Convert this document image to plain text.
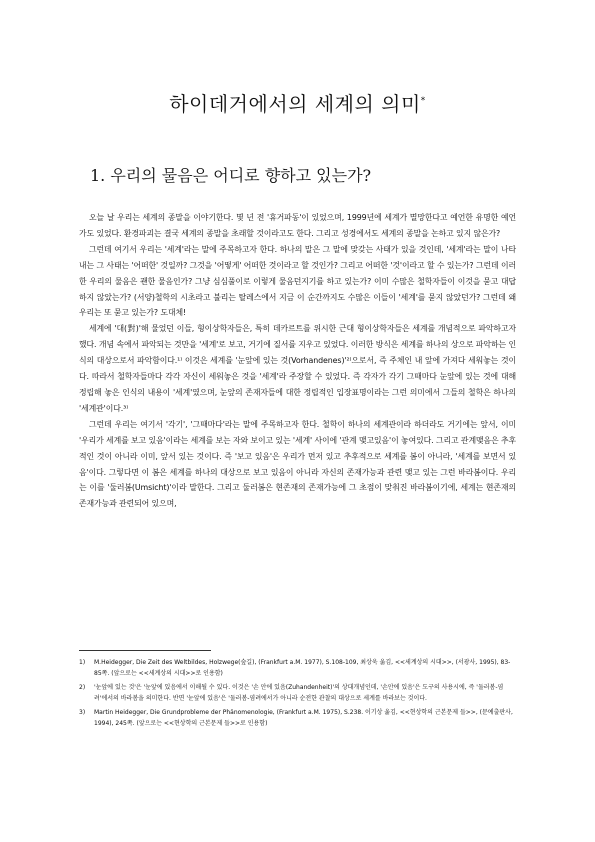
하이데거에서의 세계의 의미*
1. 우리의 물음은 어디로 향하고 있는가?

오늘 날 우리는 세계의 종말을 이야기한다. 몇 년 전 '휴거파동'이 있었으며, 1999년에 세계가 멸망한다고 예언한 유명한 예언가도 있었다. 환경파괴는 결국 세계의 종말을 초래할 것이라고도 한다. 그리고 성경에서도 세계의 종말을 논하고 있지 않은가?

그런데 여기서 우리는 '세계'라는 말에 주목하고자 한다. 하나의 말은 그 말에 맞갖는 사태가 있을 것인데, '세계'라는 말이 나타내는 그 사태는 '어떠한' 것일까? 그것을 '어떻게' 어떠한 것이라고 할 것인가? 그리고 어떠한 '것'이라고 할 수 있는가? 그런데 이러한 우리의 물음은 괜한 물음인가? 그냥 심심풀이로 이렇게 물음던지기를 하고 있는가? 이미 수많은 철학자들이 이것을 묻고 대답하지 않았는가? (서양)철학의 시초라고 불리는 탈레스에서 지금 이 순간까지도 수많은 이들이 '세계'를 묻지 않았던가? 그런데 왜 우리는 또 묻고 있는가? 도대체!

세계에 '대(對)'해 물었던 이들, 형이상학자들은, 특히 데카르트를 위시한 근대 형이상학자들은 세계를 개념적으로 파악하고자 했다. 개념 속에서 파악되는 것만을 '세계'로 보고, 거기에 질서를 지우고 있었다. 이러한 방식은 세계를 하나의 상으로 파악하는 인식의 대상으로서 파악함이다.¹⁾ 이것은 세계를 '눈앞에 있는 것(Vorhandenes)'²⁾으로서, 즉 주체인 내 앞에 가져다 세워놓는 것이다. 따라서 철학자들마다 각각 자신이 세워놓은 것을 '세계'라 주장할 수 있었다. 즉 각자가 각기 그때마다 눈앞에 있는 것에 대해 정립해 놓은 인식의 내용이 '세계'였으며, 눈앞의 존재자들에 대한 정립적인 입장표명이라는 그런 의미에서 그들의 철학은 하나의 '세계관'이다.³⁾

그런데 우리는 여기서 '각기', '그때마다'라는 말에 주목하고자 한다. 철학이 하나의 세계관이라 하더라도 거기에는 앞서, 이미 '우리가 세계를 보고 있음'이라는 세계를 보는 자와 보이고 있는 '세계' 사이에 '관계 맺고있음'이 놓여있다. 그리고 관계맺음은 추후적인 것이 아니라 이미, 앞서 있는 것이다. 즉 '보고 있음'은 우리가 먼저 있고 추후적으로 세계를 봄이 아니라, '세계를 보면서 있음'이다. 그렇다면 이 봄은 세계를 하나의 대상으로 보고 있음이 아니라 자신의 존재가능과 관련 맺고 있는 그런 바라봄이다. 우리는 이를 '둘러봄(Umsicht)'이라 말한다. 그리고 둘러봄은 현존재의 존재가능에 그 초점이 맞춰진 바라봄이기에, 세계는 현존재의 존재가능과 관련되어 있으며,

1) M.Heidegger, Die Zeit des Weltbildes, Holzwege(숲길), (Frankfurt a.M. 1977), S.108-109, 최상욱 옮김, <<세계상의 시대>>, (서광사, 1995), 83-85쪽. (앞으로는 <<세계상의 시대>>로 인용함)
2) '눈앞에 있는 것'은 '눈앞에 있음에서 이해될 수 있다. 이것은 '손 안에 있음(Zuhandenheit)'의 상대개념인데, '손안에 있음'은 도구의 사용시에, 즉 '둘러봄-염려'에서의 바라봄을 의미한다. 반면 '눈앞에 있음'은 '둘러봄-염려에서가 아니라 순전한 관찰의 대상으로 세계를 바라보는 것이다.
3) Martin Heidegger, Die Grundprobleme der Phänomenologie, (Frankfurt a.M. 1975), S.238. 이기상 옮김, <<현상학의 근본문제 들>>, (문예출판사, 1994), 245쪽. (앞으로는 <<현상학의 근본문제 들>>로 인용함)
